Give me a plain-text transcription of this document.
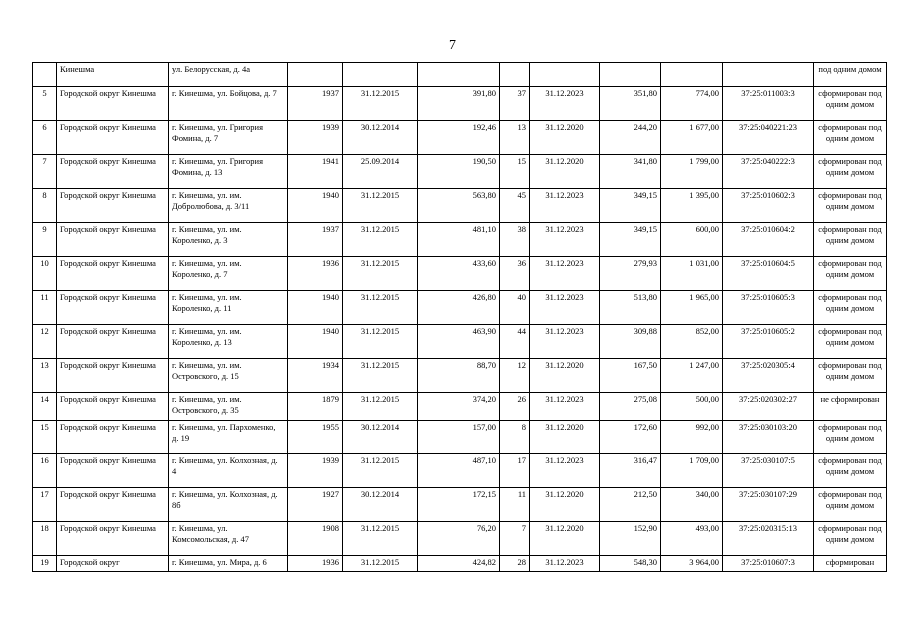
7
	Кинешма	ул. Белорусская, д. 4а									под одним домом
5	Городской округ Кинешма	г. Кинешма, ул. Бойцова, д. 7	1937	31.12.2015	391,80	37	31.12.2023	351,80	774,00	37:25:011003:3	сформирован под одним домом
6	Городской округ Кинешма	г. Кинешма, ул. Григория Фомина, д. 7	1939	30.12.2014	192,46	13	31.12.2020	244,20	1 677,00	37:25:040221:23	сформирован под одним домом
7	Городской округ Кинешма	г. Кинешма, ул. Григория Фомина, д. 13	1941	25.09.2014	190,50	15	31.12.2020	341,80	1 799,00	37:25:040222:3	сформирован под одним домом
8	Городской округ Кинешма	г. Кинешма, ул. им. Добролюбова, д. 3/11	1940	31.12.2015	563,80	45	31.12.2023	349,15	1 395,00	37:25:010602:3	сформирован под одним домом
9	Городской округ Кинешма	г. Кинешма, ул. им. Короленко, д. 3	1937	31.12.2015	481,10	38	31.12.2023	349,15	600,00	37:25:010604:2	сформирован под одним домом
10	Городской округ Кинешма	г. Кинешма, ул. им. Короленко, д. 7	1936	31.12.2015	433,60	36	31.12.2023	279,93	1 031,00	37:25:010604:5	сформирован под одним домом
11	Городской округ Кинешма	г. Кинешма, ул. им. Короленко, д. 11	1940	31.12.2015	426,80	40	31.12.2023	513,80	1 965,00	37:25:010605:3	сформирован под одним домом
12	Городской округ Кинешма	г. Кинешма, ул. им. Короленко, д. 13	1940	31.12.2015	463,90	44	31.12.2023	309,88	852,00	37:25:010605:2	сформирован под одним домом
13	Городской округ Кинешма	г. Кинешма, ул. им. Островского, д. 15	1934	31.12.2015	88,70	12	31.12.2020	167,50	1 247,00	37:25:020305:4	сформирован под одним домом
14	Городской округ Кинешма	г. Кинешма, ул. им. Островского, д. 35	1879	31.12.2015	374,20	26	31.12.2023	275,08	500,00	37:25:020302:27	не сформирован
15	Городской округ Кинешма	г. Кинешма, ул. Пархоменко, д. 19	1955	30.12.2014	157,00	8	31.12.2020	172,60	992,00	37:25:030103:20	сформирован под одним домом
16	Городской округ Кинешма	г. Кинешма, ул. Колхозная, д. 4	1939	31.12.2015	487,10	17	31.12.2023	316,47	1 709,00	37:25:030107:5	сформирован под одним домом
17	Городской округ Кинешма	г. Кинешма, ул. Колхозная, д. 8б	1927	30.12.2014	172,15	11	31.12.2020	212,50	340,00	37:25:030107:29	сформирован под одним домом
18	Городской округ Кинешма	г. Кинешма, ул. Комсомольская, д. 47	1908	31.12.2015	76,20	7	31.12.2020	152,90	493,00	37:25:020315:13	сформирован под одним домом
19	Городской округ	г. Кинешма, ул. Мира, д. 6	1936	31.12.2015	424,82	28	31.12.2023	548,30	3 964,00	37:25:010607:3	сформирован
